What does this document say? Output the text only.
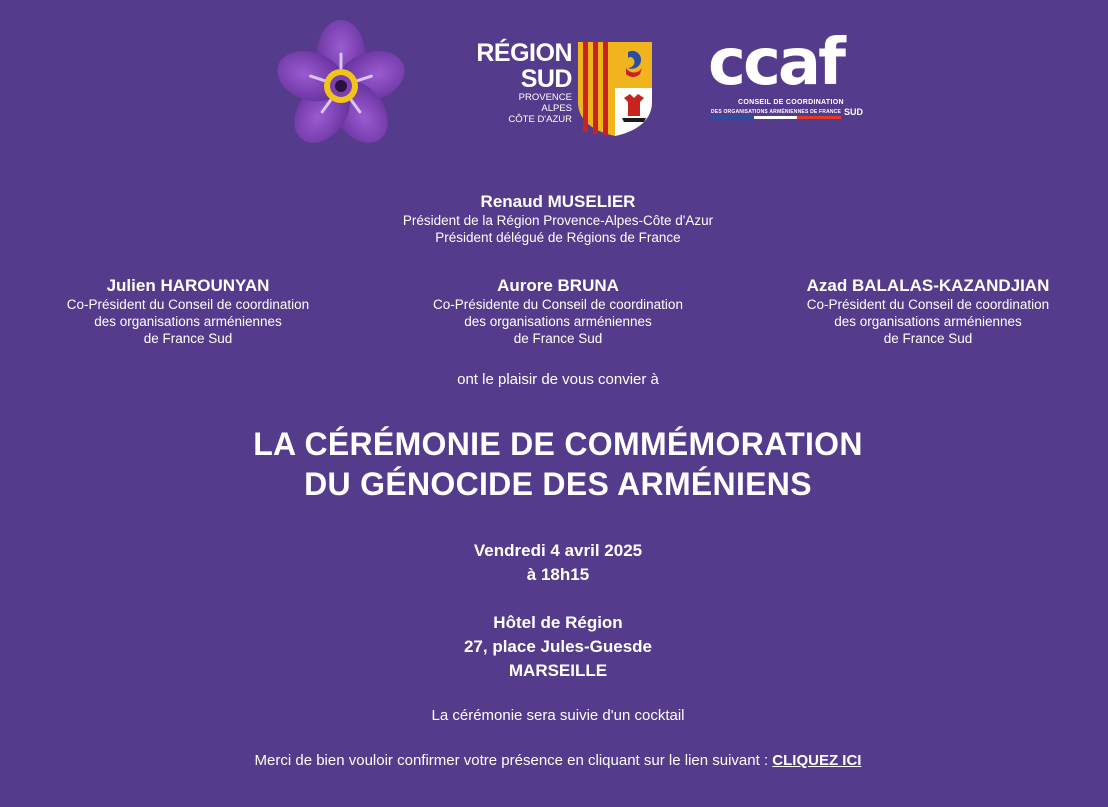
RÉGION
SUD
PROVENCE
ALPES
CÔTE D'AZUR
ccaf
CONSEIL DE COORDINATION
DES ORGANISATIONS ARMÉNIENNES DE FRANCE SUD
Renaud MUSELIER
Président de la Région Provence-Alpes-Côte d'Azur
Président délégué de Régions de France
Julien HAROUNYAN
Co-Président du Conseil de coordination
des organisations arméniennes
de France Sud
Aurore BRUNA
Co-Présidente du Conseil de coordination
des organisations arméniennes
de France Sud
Azad BALALAS-KAZANDJIAN
Co-Président du Conseil de coordination
des organisations arméniennes
de France Sud
ont le plaisir de vous convier à
LA CÉRÉMONIE DE COMMÉMORATION
DU GÉNOCIDE DES ARMÉNIENS
Vendredi 4 avril 2025
à 18h15
Hôtel de Région
27, place Jules-Guesde
MARSEILLE
La cérémonie sera suivie d'un cocktail
Merci de bien vouloir confirmer votre présence en cliquant sur le lien suivant : CLIQUEZ ICI
